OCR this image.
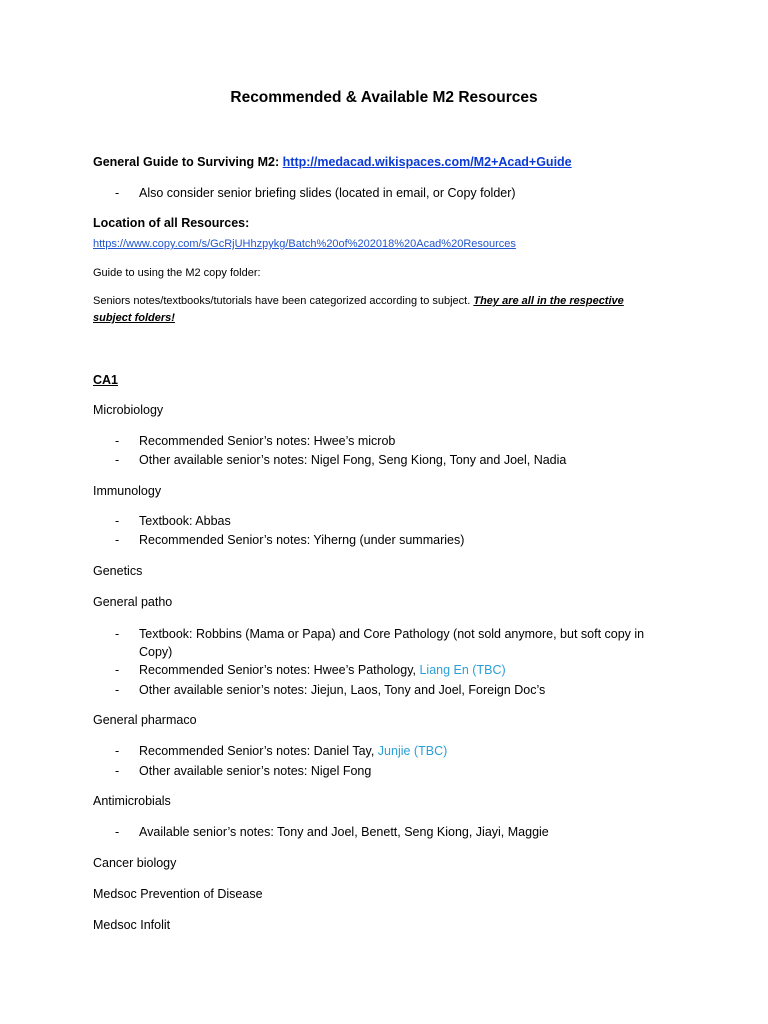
Recommended & Available M2 Resources
General Guide to Surviving M2: http://medacad.wikispaces.com/M2+Acad+Guide
- Also consider senior briefing slides (located in email, or Copy folder)
Location of all Resources:
https://www.copy.com/s/GcRjUHhzpykg/Batch%20of%202018%20Acad%20Resources
Guide to using the M2 copy folder:
Seniors notes/textbooks/tutorials have been categorized according to subject. They are all in the respective
subject folders!
CA1
Microbiology
- Recommended Senior’s notes: Hwee’s microb
- Other available senior’s notes: Nigel Fong, Seng Kiong, Tony and Joel, Nadia
Immunology
- Textbook: Abbas
- Recommended Senior’s notes: Yiherng (under summaries)
Genetics
General patho
- Textbook: Robbins (Mama or Papa) and Core Pathology (not sold anymore, but soft copy in
Copy)
- Recommended Senior’s notes: Hwee’s Pathology, Liang En (TBC)
- Other available senior’s notes: Jiejun, Laos, Tony and Joel, Foreign Doc’s
General pharmaco
- Recommended Senior’s notes: Daniel Tay, Junjie (TBC)
- Other available senior’s notes: Nigel Fong
Antimicrobials
- Available senior’s notes: Tony and Joel, Benett, Seng Kiong, Jiayi, Maggie
Cancer biology
Medsoc Prevention of Disease
Medsoc Infolit
